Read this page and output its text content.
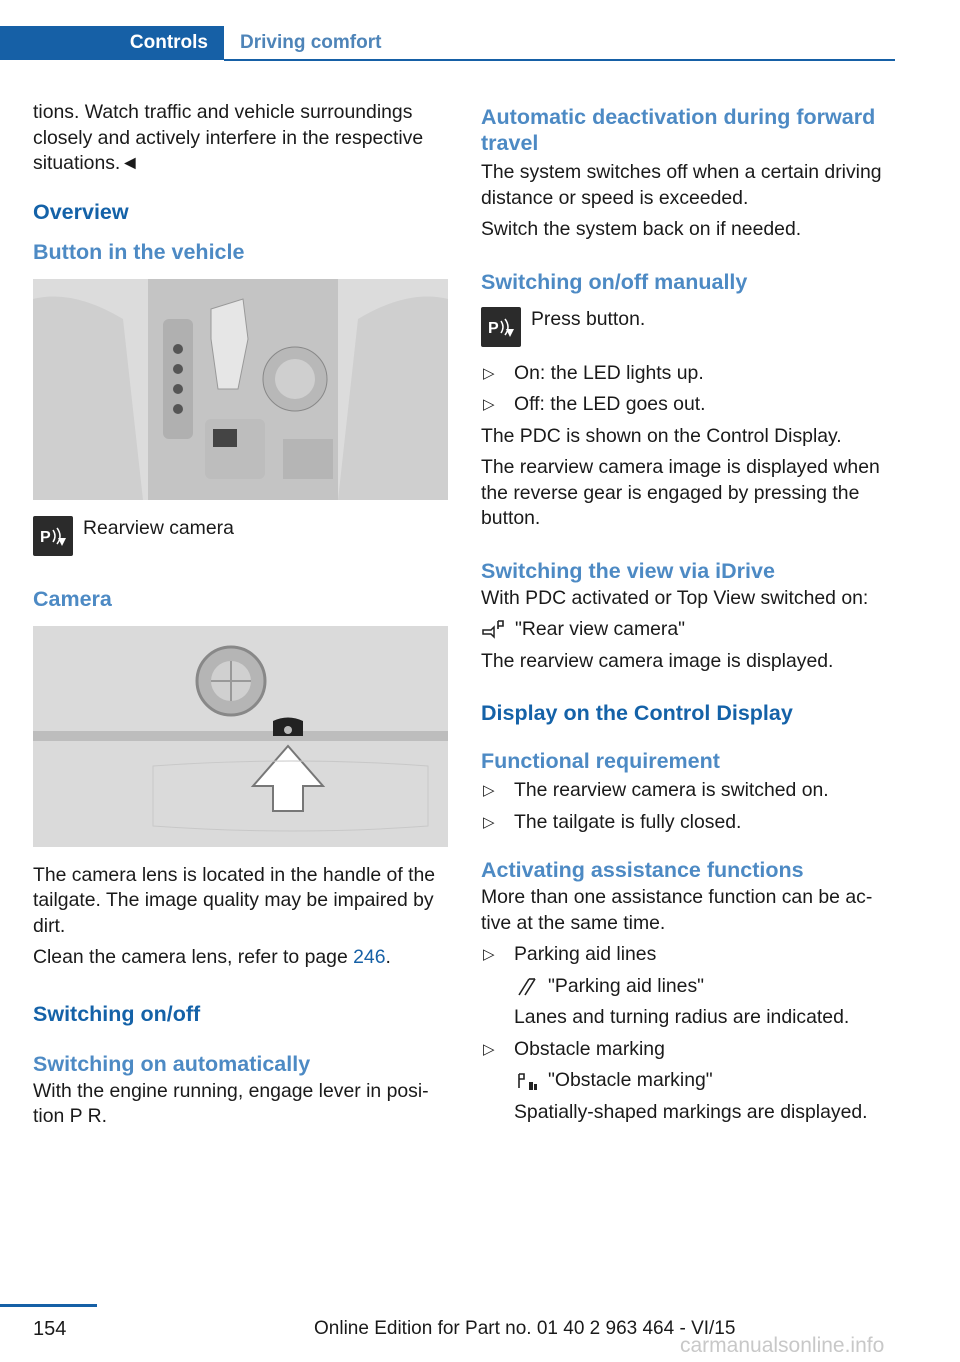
Controls	Driving comfort

tions. Watch traffic and vehicle surroundings closely and actively interfere in the respective situations.◄

Overview
Button in the vehicle
P Rearview camera
Camera

The camera lens is located in the handle of the tailgate. The image quality may be impaired by dirt.

Clean the camera lens, refer to page 246.

Switching on/off
Switching on automatically

With the engine running, engage lever in posi‐ tion P R.

Automatic deactivation during forward travel

The system switches off when a certain driving distance or speed is exceeded.

Switch the system back on if needed.

Switching on/off manually
P Press button.
▷ On: the LED lights up.
▷ Off: the LED goes out.

The PDC is shown on the Control Display.

The rearview camera image is displayed when the reverse gear is engaged by pressing the button.

Switching the view via iDrive

With PDC activated or Top View switched on:

"Rear view camera"

The rearview camera image is displayed.

Display on the Control Display
Functional requirement
▷ The rearview camera is switched on.
▷ The tailgate is fully closed.
Activating assistance functions

More than one assistance function can be ac‐ tive at the same time.

▷ Parking aid lines
"Parking aid lines"
Lanes and turning radius are indicated.
▷ Obstacle marking
"Obstacle marking"
Spatially-shaped markings are displayed.
154	Online Edition for Part no. 01 40 2 963 464 - VI/15
carmanualsonline.info
